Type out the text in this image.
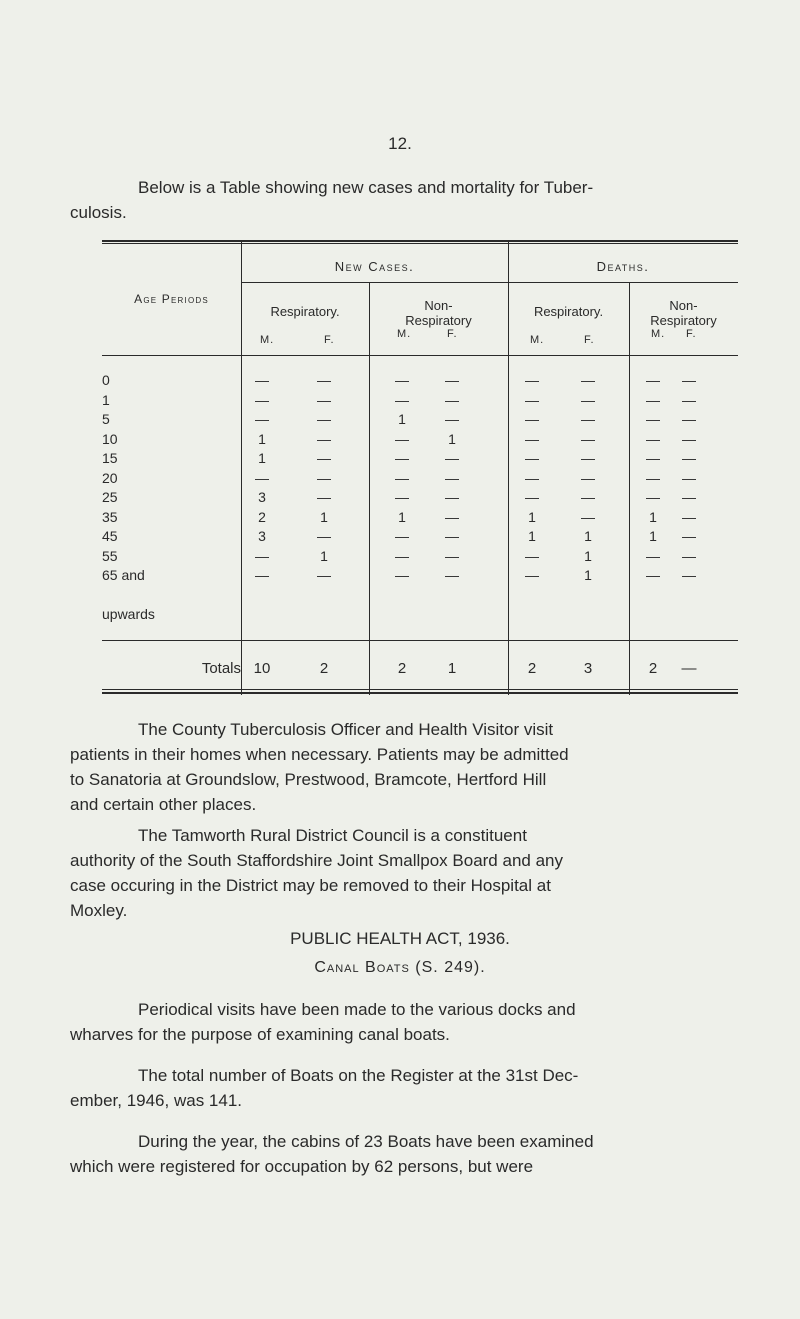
12.

Below is a Table showing new cases and mortality for Tuber-
culosis.

Age Periods
New Cases.	Deaths.
Respiratory.
M.	F.
Non-
Respiratory
M.	F.
Respiratory.
M.	F.
Non-
Respiratory
M. F.
0	—	—	—	—	—	—	—	—
1	—	—	—	—	—	—	—	—
5	—	—	1	—	—	—	—	—
10	1	—	—	1	—	—	—	—
15	1	—	—	—	—	—	—	—
20	—	—	—	—	—	—	—	—
25	3	—	—	—	—	—	—	—
35	2	1	1	—	1	—	1	—
45	3	—	—	—	1	1	1	—
55	—	1	—	—	—	1	—	—
65 and	—	—	—	—	—	1	—	—
upwards
Totals 10	2	2	1	2	3	2	—

The County Tuberculosis Officer and Health Visitor visit
patients in their homes when necessary. Patients may be admitted
to Sanatoria at Groundslow, Prestwood, Bramcote, Hertford Hill
and certain other places.

The Tamworth Rural District Council is a constituent
authority of the South Staffordshire Joint Smallpox Board and any
case occuring in the District may be removed to their Hospital at
Moxley.

PUBLIC HEALTH ACT, 1936.
Canal Boats (S. 249).

Periodical visits have been made to the various docks and
wharves for the purpose of examining canal boats.

The total number of Boats on the Register at the 31st Dec-
ember, 1946, was 141.

During the year, the cabins of 23 Boats have been examined
which were registered for occupation by 62 persons, but were
